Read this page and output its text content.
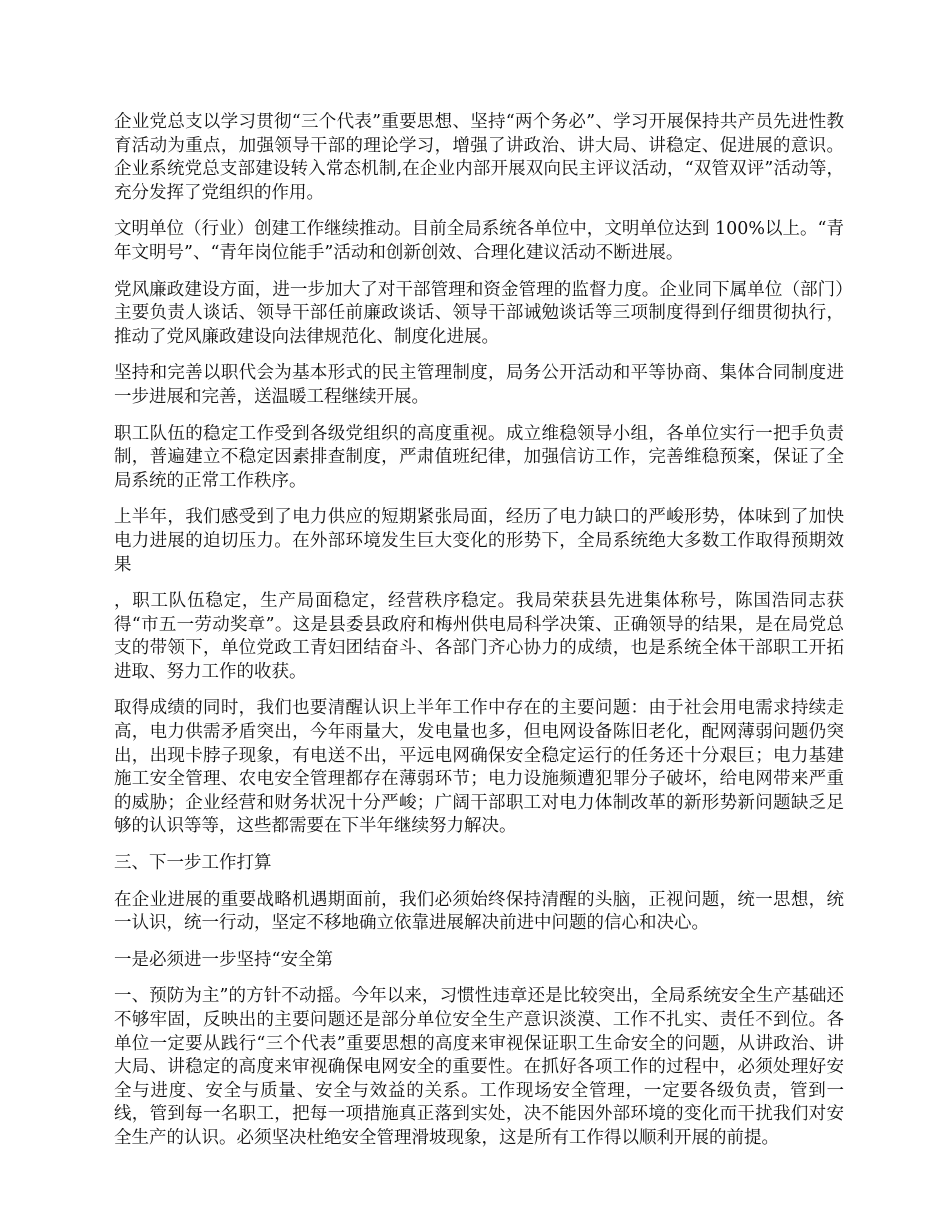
企业党总支以学习贯彻“三个代表”重要思想、坚持“两个务必”、学习开展保持共产员先进性教育活动为重点，加强领导干部的理论学习，增强了讲政治、讲大局、讲稳定、促进展的意识。企业系统党总支部建设转入常态机制,在企业内部开展双向民主评议活动，“双管双评”活动等，充分发挥了党组织的作用。

文明单位（行业）创建工作继续推动。目前全局系统各单位中，文明单位达到 100%以上。“青年文明号”、“青年岗位能手”活动和创新创效、合理化建议活动不断进展。

党风廉政建设方面，进一步加大了对干部管理和资金管理的监督力度。企业同下属单位（部门）主要负责人谈话、领导干部任前廉政谈话、领导干部诫勉谈话等三项制度得到仔细贯彻执行，推动了党风廉政建设向法律规范化、制度化进展。

坚持和完善以职代会为基本形式的民主管理制度，局务公开活动和平等协商、集体合同制度进一步进展和完善，送温暖工程继续开展。

职工队伍的稳定工作受到各级党组织的高度重视。成立维稳领导小组，各单位实行一把手负责制，普遍建立不稳定因素排查制度，严肃值班纪律，加强信访工作，完善维稳预案，保证了全局系统的正常工作秩序。

上半年，我们感受到了电力供应的短期紧张局面，经历了电力缺口的严峻形势，体味到了加快电力进展的迫切压力。在外部环境发生巨大变化的形势下，全局系统绝大多数工作取得预期效果

，职工队伍稳定，生产局面稳定，经营秩序稳定。我局荣获县先进集体称号，陈国浩同志获得“市五一劳动奖章”。这是县委县政府和梅州供电局科学决策、正确领导的结果，是在局党总支的带领下，单位党政工青妇团结奋斗、各部门齐心协力的成绩，也是系统全体干部职工开拓进取、努力工作的收获。

取得成绩的同时，我们也要清醒认识上半年工作中存在的主要问题：由于社会用电需求持续走高，电力供需矛盾突出，今年雨量大，发电量也多，但电网设备陈旧老化，配网薄弱问题仍突出，出现卡脖子现象，有电送不出，平远电网确保安全稳定运行的任务还十分艰巨；电力基建施工安全管理、农电安全管理都存在薄弱环节；电力设施频遭犯罪分子破坏，给电网带来严重的威胁；企业经营和财务状况十分严峻；广阔干部职工对电力体制改革的新形势新问题缺乏足够的认识等等，这些都需要在下半年继续努力解决。

三、下一步工作打算

在企业进展的重要战略机遇期面前，我们必须始终保持清醒的头脑，正视问题，统一思想，统一认识，统一行动，坚定不移地确立依靠进展解决前进中问题的信心和决心。

一是必须进一步坚持“安全第

一、预防为主”的方针不动摇。今年以来，习惯性违章还是比较突出，全局系统安全生产基础还不够牢固，反映出的主要问题还是部分单位安全生产意识淡漠、工作不扎实、责任不到位。各单位一定要从践行“三个代表”重要思想的高度来审视保证职工生命安全的问题，从讲政治、讲大局、讲稳定的高度来审视确保电网安全的重要性。在抓好各项工作的过程中，必须处理好安全与进度、安全与质量、安全与效益的关系。工作现场安全管理，一定要各级负责，管到一线，管到每一名职工，把每一项措施真正落到实处，决不能因外部环境的变化而干扰我们对安全生产的认识。必须坚决杜绝安全管理滑坡现象，这是所有工作得以顺利开展的前提。
